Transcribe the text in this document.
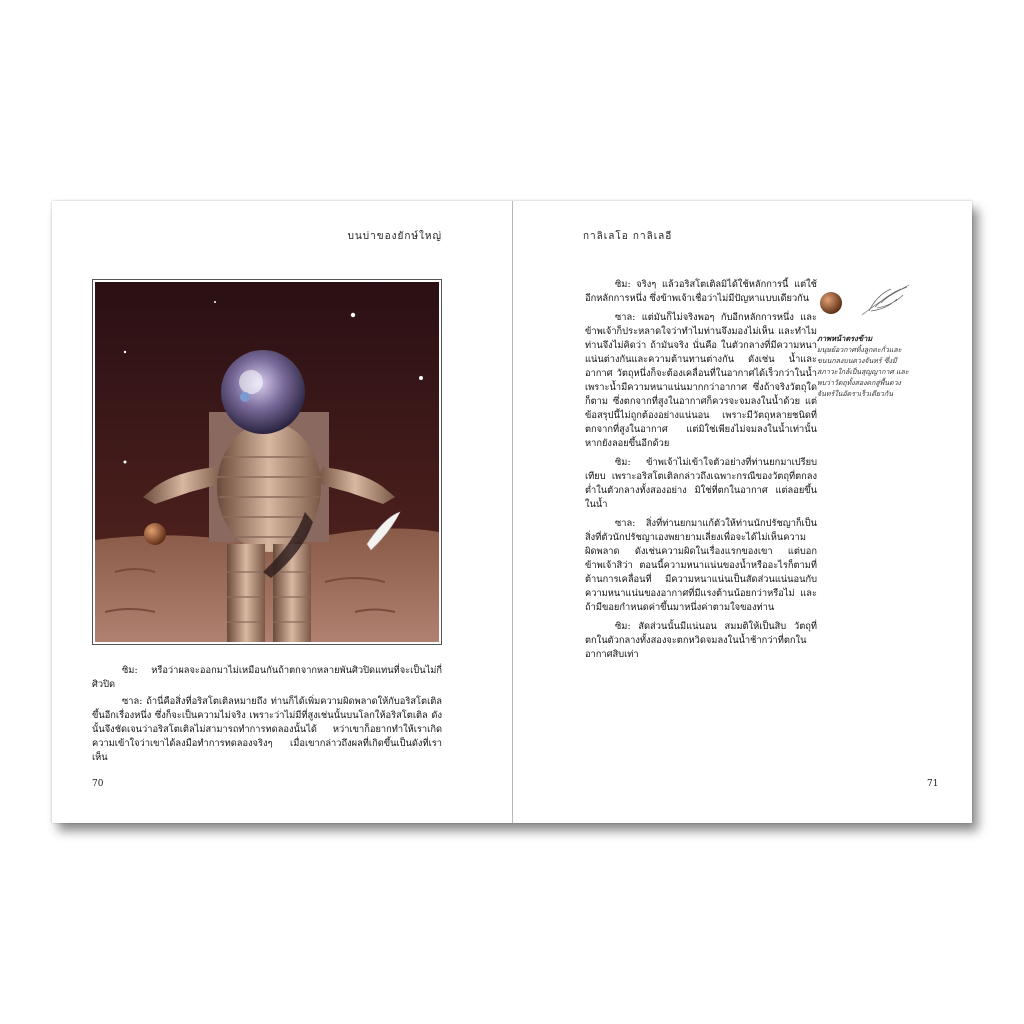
บนบ่าของยักษ์ใหญ่

ซิม: หรือว่าผลจะออกมาไม่เหมือนกันถ้าตกจากหลายพันศิวปิดแทนที่จะเป็นไม่กี่ศิวปิด

ซาล: ถ้านี่คือสิ่งที่อริสโตเติลหมายถึง ท่านก็ได้เพิ่มความผิดพลาดให้กับอริสโตเติลขึ้นอีกเรื่องหนึ่ง ซึ่งก็จะเป็นความไม่จริง เพราะว่าไม่มีที่สูงเช่นนั้นบนโลกให้อริสโตเติล ดังนั้นจึงชัดเจนว่าอริสโตเติลไม่สามารถทำการทดลองนั้นได้ หว่าเขาก็อยากทำให้เราเกิดความเข้าใจว่าเขาได้ลงมือทำการทดลองจริงๆ เมื่อเขากล่าวถึงผลที่เกิดขึ้นเป็นดังที่เราเห็น

70
กาลิเลโอ กาลิเลอี

ซิม: จริงๆ แล้วอริสโตเติลมิได้ใช้หลักการนี้ แต่ใช้อีกหลักการหนึ่ง ซึ่งข้าพเจ้าเชื่อว่าไม่มีปัญหาแบบเดียวกัน

ซาล: แต่มันก็ไม่จริงพอๆ กับอีกหลักการหนึ่ง และข้าพเจ้าก็ประหลาดใจว่าทำไมท่านจึงมองไม่เห็น และทำไมท่านจึงไม่คิดว่า ถ้ามันจริง นั่นคือ ในตัวกลางที่มีความหนาแน่นต่างกันและความต้านทานต่างกัน ดังเช่น น้ำและอากาศ วัตถุหนึ่งก็จะต้องเคลื่อนที่ในอากาศได้เร็วกว่าในน้ำ เพราะน้ำมีความหนาแน่นมากกว่าอากาศ ซึ่งถ้าจริงวัตถุใดก็ตาม ซึ่งตกจากที่สูงในอากาศก็ควรจะจมลงในน้ำด้วย แต่ข้อสรุปนี้ไม่ถูกต้องอย่างแน่นอน เพราะมีวัตถุหลายชนิดที่ตกจากที่สูงในอากาศ แต่มิใช่เพียงไม่จมลงในน้ำเท่านั้น หากยังลอยขึ้นอีกด้วย

ซิม: ข้าพเจ้าไม่เข้าใจตัวอย่างที่ท่านยกมาเปรียบเทียบ เพราะอริสโตเติลกล่าวถึงเฉพาะกรณีของวัตถุที่ตกลงต่ำในตัวกลางทั้งสองอย่าง มิใช่ที่ตกในอากาศ แต่ลอยขึ้นในน้ำ

ซาล: สิ่งที่ท่านยกมาแก้ตัวให้ท่านนักปรัชญาก็เป็นสิ่งที่ตัวนักปรัชญาเองพยายามเลี่ยงเพื่อจะได้ไม่เห็นความผิดพลาด ดังเช่นความผิดในเรื่องแรกของเขา แต่บอกข้าพเจ้าสิว่า ตอนนี้ความหนาแน่นของน้ำหรืออะไรก็ตามที่ต้านการเคลื่อนที่ มีความหนาแน่นเป็นสัดส่วนแน่นอนกับความหนาแน่นของอากาศที่มีแรงต้านน้อยกว่าหรือไม่ และถ้ามีขอยกำหนดค่าขึ้นมาหนึ่งค่าตามใจของท่าน

ซิม: สัดส่วนนั้นมีแน่นอน สมมติให้เป็นสิบ วัตถุที่ตกในตัวกลางทั้งสองจะตกหวิดจมลงในน้ำช้ากว่าที่ตกในอากาศสิบเท่า

ภาพหน้าตรงข้าม
มนุษย์อวกาศทิ้งลูกตะกั่วและขนนกลงบนดวงจันทร์ ซึ่งมีสภาวะใกล้เป็นสุญญากาศ และพบว่าวัตถุทั้งสองตกสู่พื้นดวงจันทร์ในอัตราเร็วเดียวกัน
71
